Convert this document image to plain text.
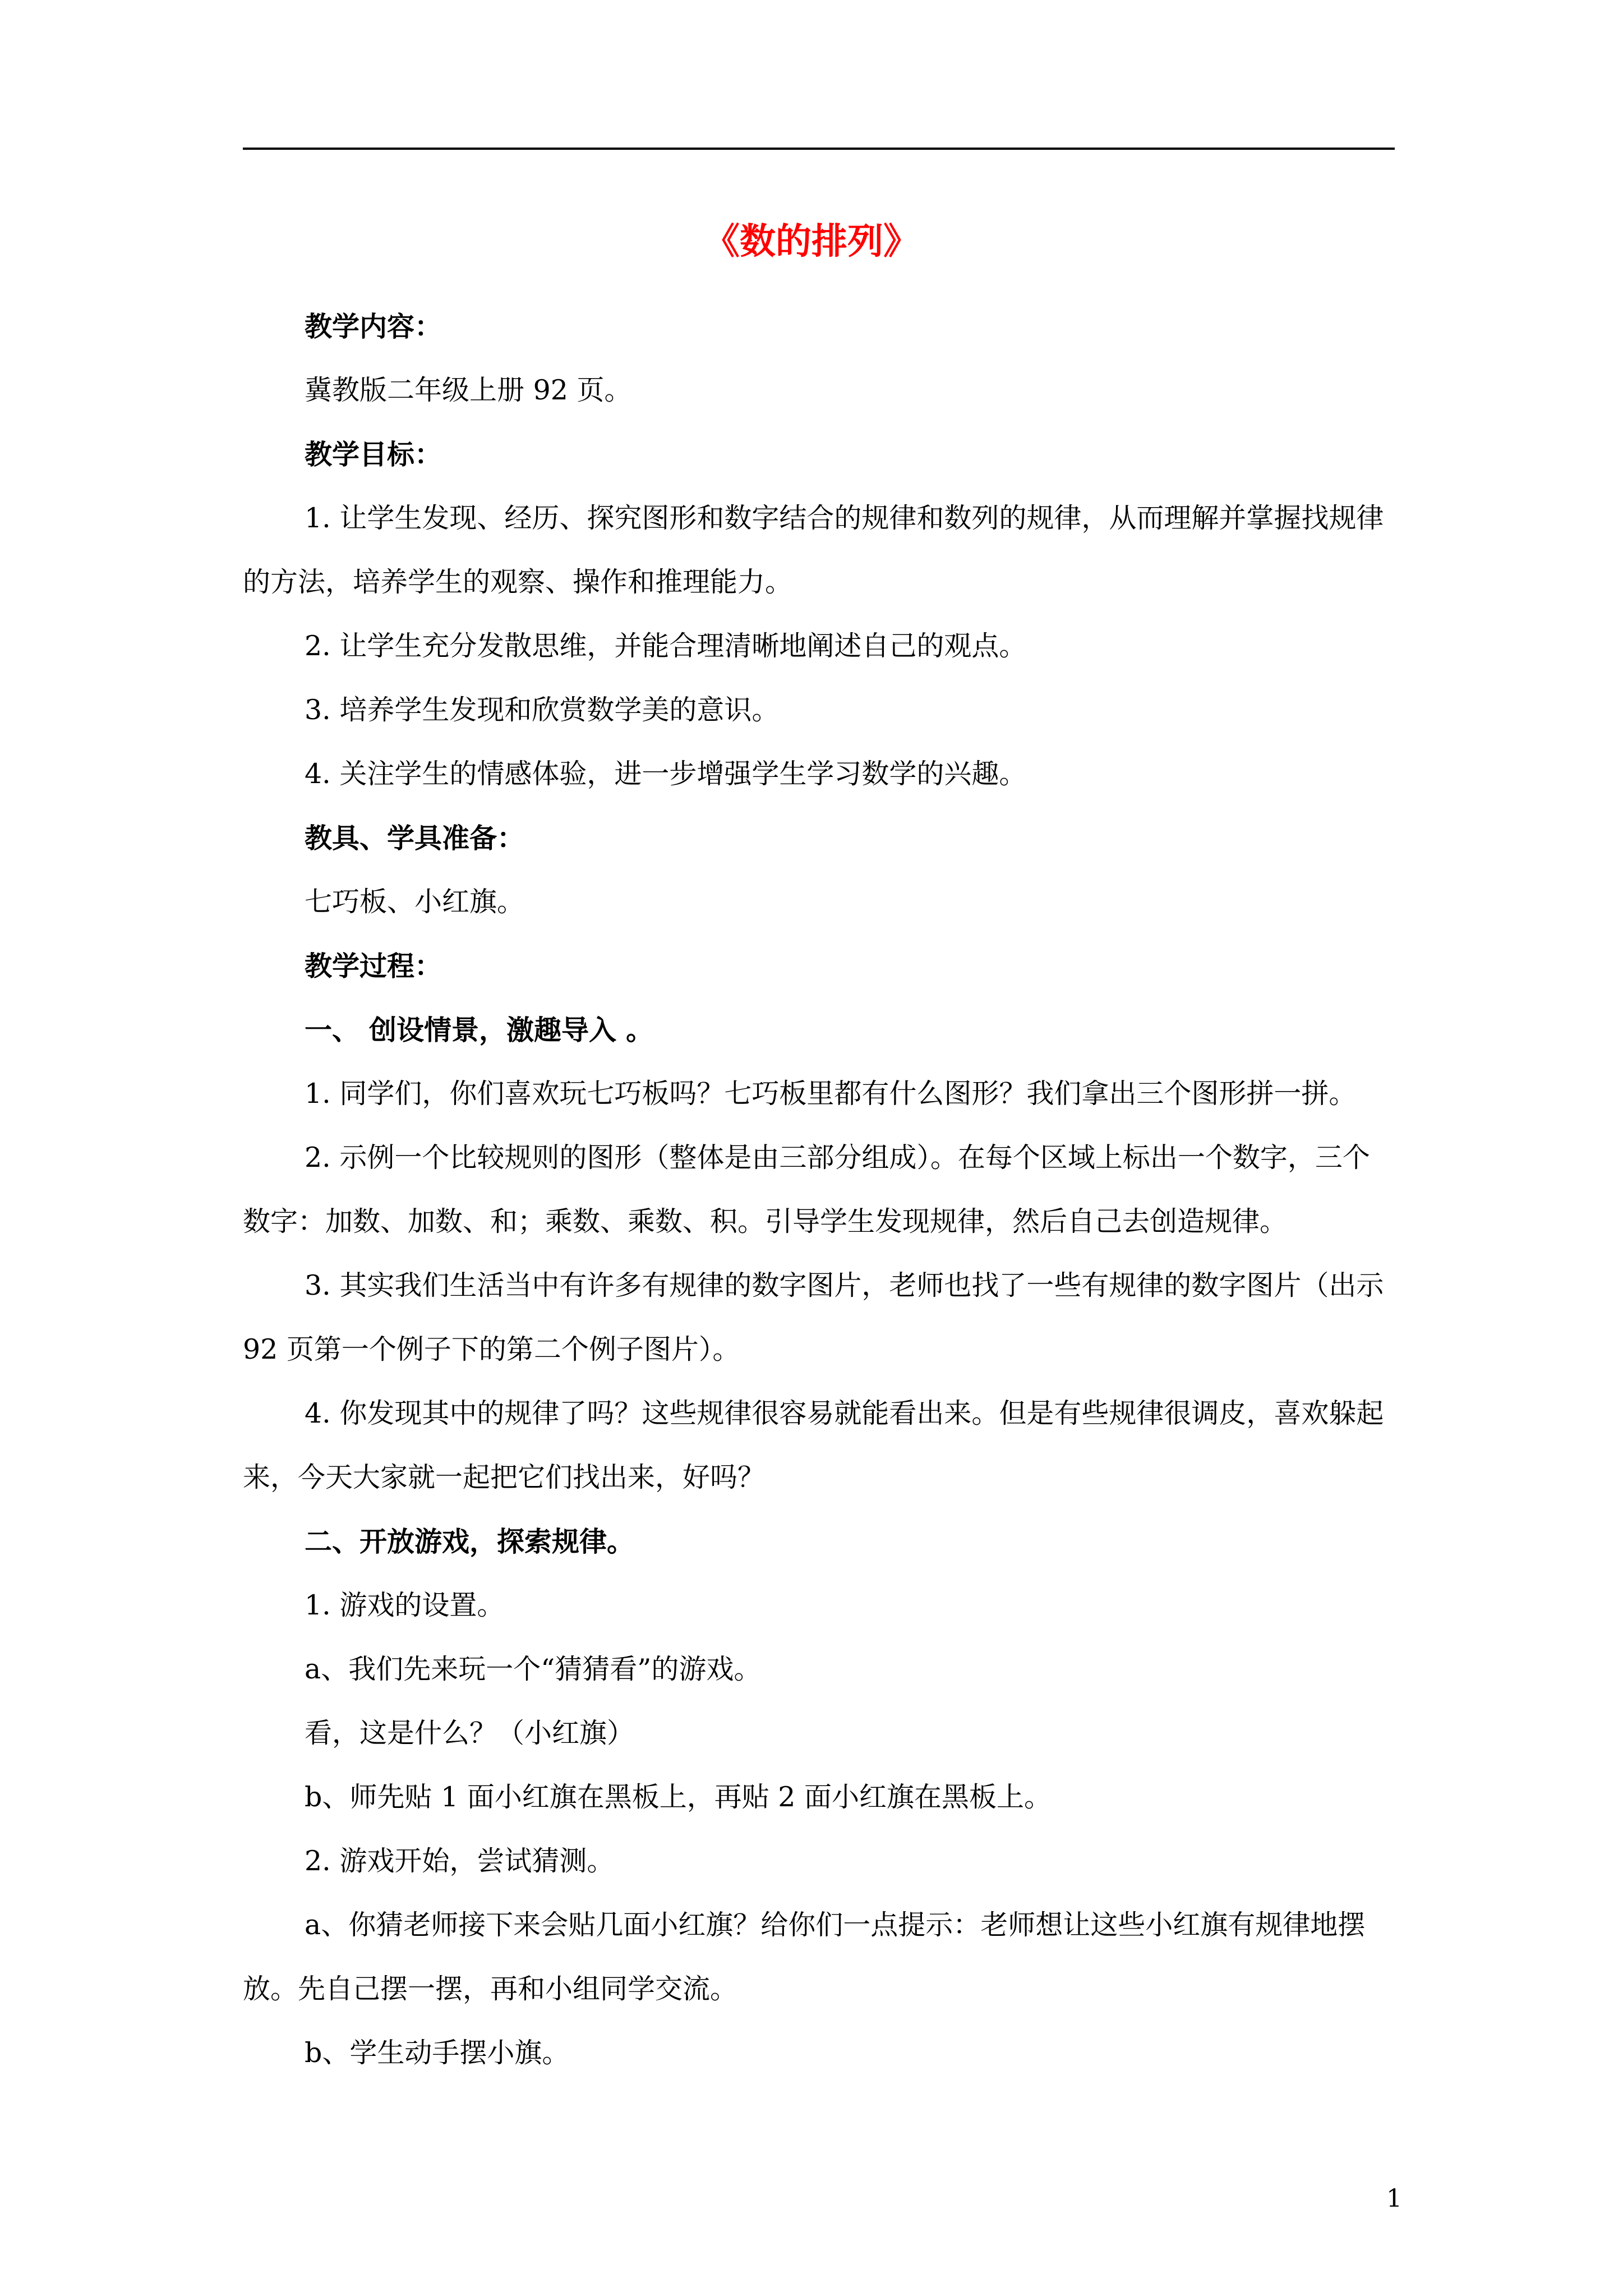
《数的排列》

教学内容：

冀教版二年级上册 92 页。

教学目标：

1. 让学生发现、经历、探究图形和数字结合的规律和数列的规律，从而理解并掌握找规律的方法，培养学生的观察、操作和推理能力。

2. 让学生充分发散思维，并能合理清晰地阐述自己的观点。

3. 培养学生发现和欣赏数学美的意识。

4. 关注学生的情感体验，进一步增强学生学习数学的兴趣。

教具、学具准备：

七巧板、小红旗。

教学过程：

一、 创设情景，激趣导入 。

1. 同学们，你们喜欢玩七巧板吗？七巧板里都有什么图形？我们拿出三个图形拼一拼。

2. 示例一个比较规则的图形（整体是由三部分组成）。在每个区域上标出一个数字，三个数字：加数、加数、和；乘数、乘数、积。引导学生发现规律，然后自己去创造规律。

3. 其实我们生活当中有许多有规律的数字图片，老师也找了一些有规律的数字图片（出示 92 页第一个例子下的第二个例子图片）。

4. 你发现其中的规律了吗？这些规律很容易就能看出来。但是有些规律很调皮，喜欢躲起来，今天大家就一起把它们找出来，好吗？

二、开放游戏，探索规律。

1. 游戏的设置。

a、我们先来玩一个“猜猜看”的游戏。

看，这是什么？（小红旗）

b、师先贴 1 面小红旗在黑板上，再贴 2 面小红旗在黑板上。

2. 游戏开始，尝试猜测。

a、你猜老师接下来会贴几面小红旗？给你们一点提示：老师想让这些小红旗有规律地摆放。先自己摆一摆，再和小组同学交流。

b、学生动手摆小旗。

1
